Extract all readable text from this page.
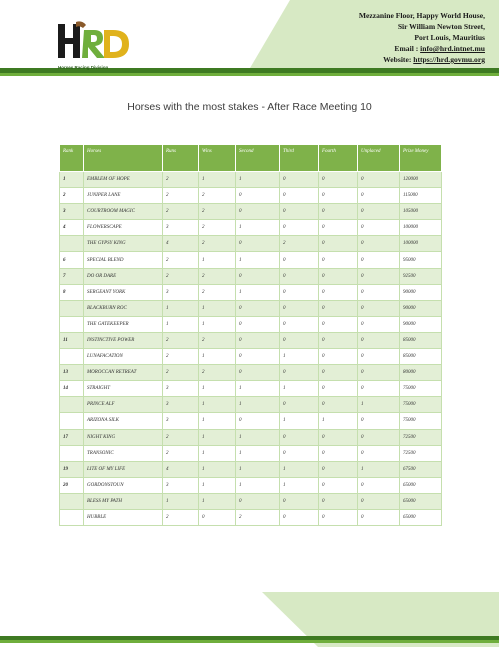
Horses Racing Division
Mezzanine Floor, Happy World House,
Sir William Newton Street,
Port Louis, Mauritius
Email : info@hrd.intnet.mu
Website: https://hrd.govmu.org
Horses with the most stakes - After Race Meeting 10
Rank	Horses	Runs	Wins	Second	Third	Fourth	Unplaced	Prize Money
1	EMBLEM OF HOPE	2	1	1	0	0	0	120000
2	JUNIPER LANE	2	2	0	0	0	0	115000
3	COURTROOM MAGIC	2	2	0	0	0	0	105000
4	FLOWERSCAPE	3	2	1	0	0	0	100000
	THE GYPSY KING	4	2	0	2	0	0	100000
6	SPECIAL BLEND	2	1	1	0	0	0	95000
7	DO OR DARE	2	2	0	0	0	0	92500
8	SERGEANT YORK	3	2	1	0	0	0	90000
	BLACKBURN ROC	1	1	0	0	0	0	90000
	THE GATEKEEPER	1	1	0	0	0	0	90000
11	INSTINCTIVE POWER	2	2	0	0	0	0	85000
	LUNAFACATION	2	1	0	1	0	0	85000
13	MOROCCAN RETREAT	2	2	0	0	0	0	80000
14	STRAIGHT	3	1	1	1	0	0	75000
	PRINCE ALF	3	1	1	0	0	1	75000
	ARIZONA SILK	3	1	0	1	1	0	75000
17	NIGHT KING	2	1	1	0	0	0	72500
	TRANSONIC	2	1	1	0	0	0	72500
19	LITE OF MY LIFE	4	1	1	1	0	1	67500
20	GORDONSTOUN	3	1	1	1	0	0	65000
	BLESS MY PATH	1	1	0	0	0	0	65000
	HUBBLE	2	0	2	0	0	0	65000
